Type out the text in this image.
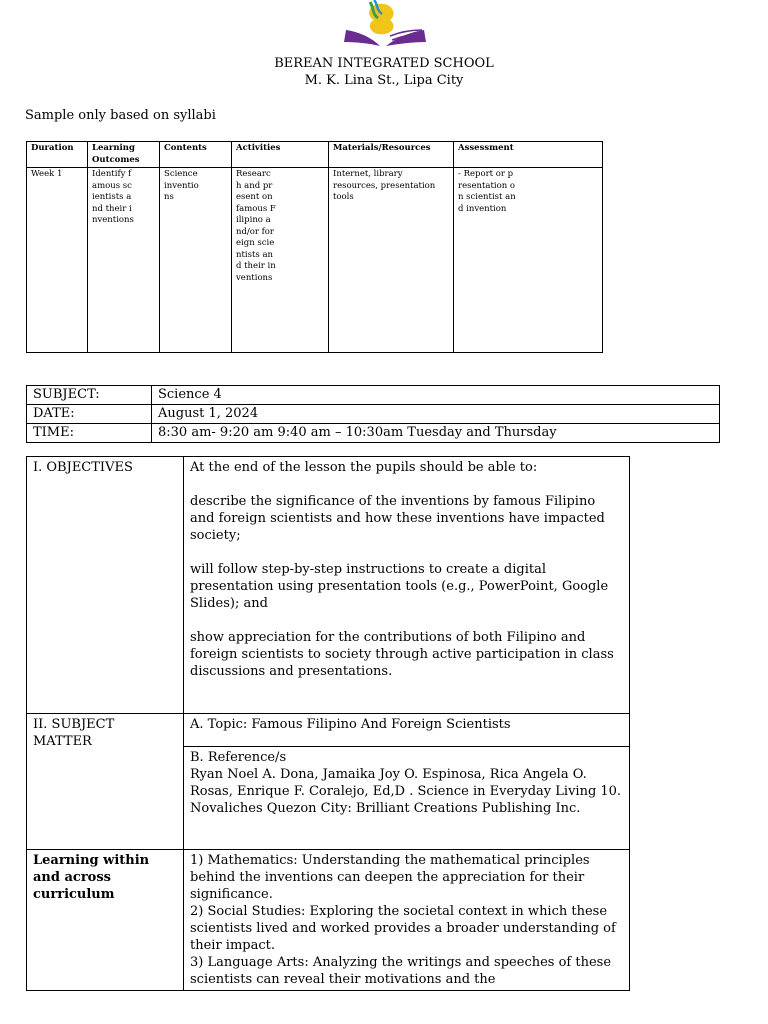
BEREAN INTEGRATED SCHOOL
M. K. Lina St., Lipa City
Sample only based on syllabi
Duration	Learning Outcomes	Contents	Activities	Materials/Resources	Assessment
Week 1	Identify famous scientists and their inventions	Science inventions	Research and present on famous Filipino and/or foreign scientists and their inventions	Internet, library resources, presentation tools	- Report or presentation on scientist and invention
SUBJECT:	Science 4
DATE:	August 1, 2024
TIME:	8:30 am- 9:20 am 9:40 am – 10:30am Tuesday and Thursday
I. OBJECTIVES	At the end of the lesson the pupils should be able to:

describe the significance of the inventions by famous Filipino and foreign scientists and how these inventions have impacted society;

will follow step-by-step instructions to create a digital presentation using presentation tools (e.g., PowerPoint, Google Slides); and

show appreciation for the contributions of both Filipino and foreign scientists to society through active participation in class discussions and presentations.

II. SUBJECT MATTER	A. Topic: Famous Filipino And Foreign Scientists

	B. Reference/s
Ryan Noel A. Dona, Jamaika Joy O. Espinosa, Rica Angela O. Rosas, Enrique F. Coralejo, Ed,D . Science in Everyday Living 10. Novaliches Quezon City: Brilliant Creations Publishing Inc.

Learning within and across curriculum	1) Mathematics: Understanding the mathematical principles behind the inventions can deepen the appreciation for their significance.
2) Social Studies: Exploring the societal context in which these scientists lived and worked provides a broader understanding of their impact.
3) Language Arts: Analyzing the writings and speeches of these scientists can reveal their motivations and the
